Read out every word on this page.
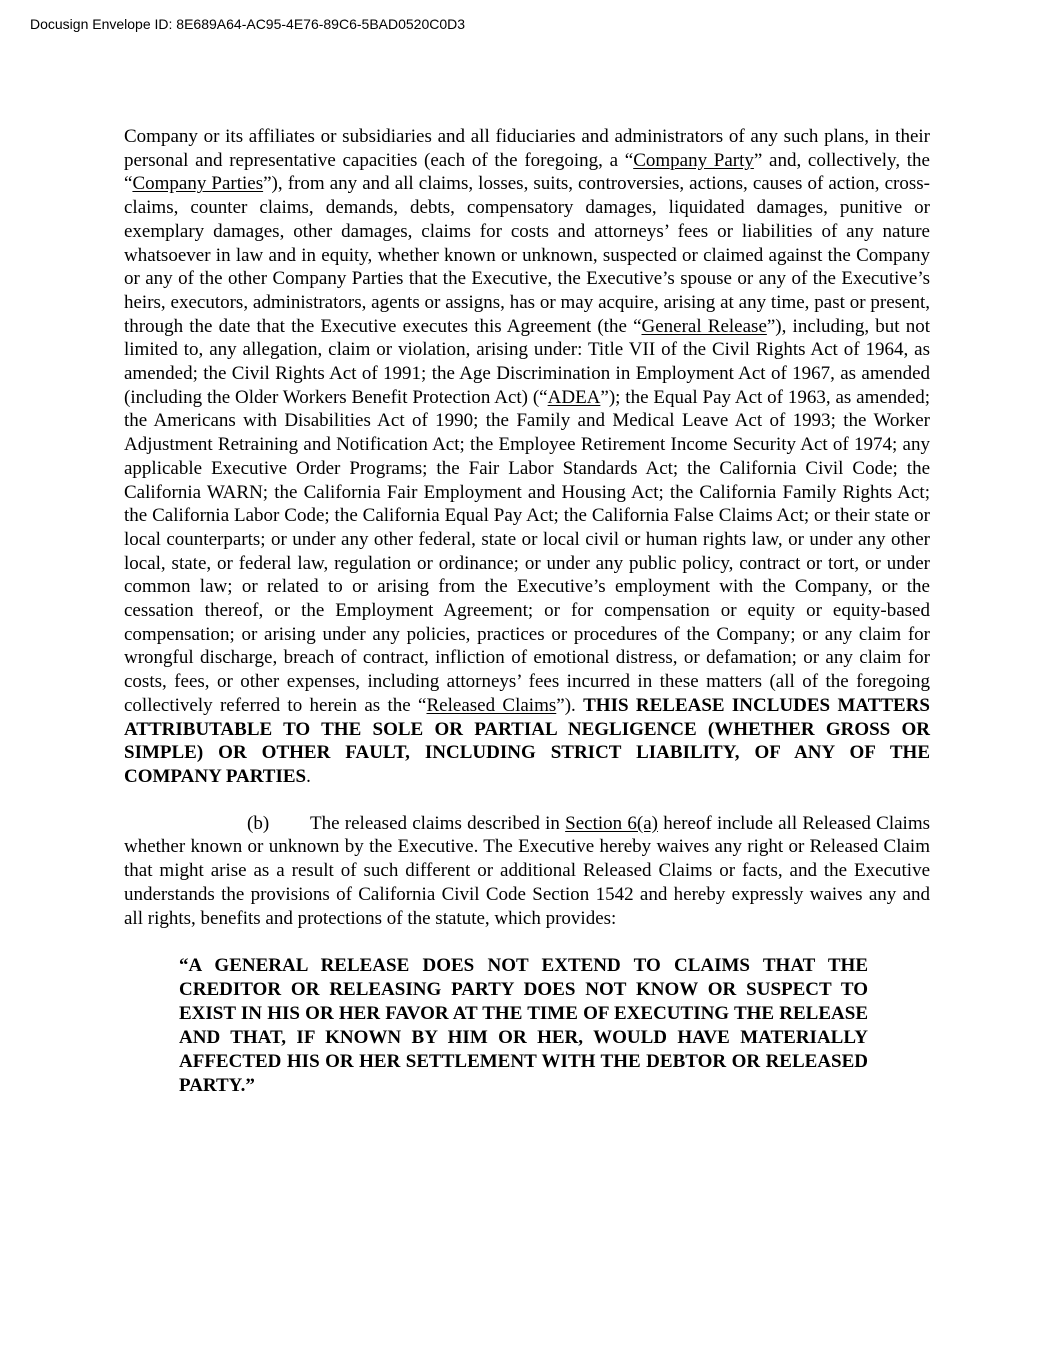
Docusign Envelope ID: 8E689A64-AC95-4E76-89C6-5BAD0520C0D3

Company or its affiliates or subsidiaries and all fiduciaries and administrators of any such plans, in their personal and representative capacities (each of the foregoing, a “Company Party” and, collectively, the “Company Parties”), from any and all claims, losses, suits, controversies, actions, causes of action, cross-claims, counter claims, demands, debts, compensatory damages, liquidated damages, punitive or exemplary damages, other damages, claims for costs and attorneys’ fees or liabilities of any nature whatsoever in law and in equity, whether known or unknown, suspected or claimed against the Company or any of the other Company Parties that the Executive, the Executive’s spouse or any of the Executive’s heirs, executors, administrators, agents or assigns, has or may acquire, arising at any time, past or present, through the date that the Executive executes this Agreement (the “General Release”), including, but not limited to, any allegation, claim or violation, arising under: Title VII of the Civil Rights Act of 1964, as amended; the Civil Rights Act of 1991; the Age Discrimination in Employment Act of 1967, as amended (including the Older Workers Benefit Protection Act) (“ADEA”); the Equal Pay Act of 1963, as amended; the Americans with Disabilities Act of 1990; the Family and Medical Leave Act of 1993; the Worker Adjustment Retraining and Notification Act; the Employee Retirement Income Security Act of 1974; any applicable Executive Order Programs; the Fair Labor Standards Act; the California Civil Code; the California WARN; the California Fair Employment and Housing Act; the California Family Rights Act; the California Labor Code; the California Equal Pay Act; the California False Claims Act; or their state or local counterparts; or under any other federal, state or local civil or human rights law, or under any other local, state, or federal law, regulation or ordinance; or under any public policy, contract or tort, or under common law; or related to or arising from the Executive’s employment with the Company, or the cessation thereof, or the Employment Agreement; or for compensation or equity or equity-based compensation; or arising under any policies, practices or procedures of the Company; or any claim for wrongful discharge, breach of contract, infliction of emotional distress, or defamation; or any claim for costs, fees, or other expenses, including attorneys’ fees incurred in these matters (all of the foregoing collectively referred to herein as the “Released Claims”). THIS RELEASE INCLUDES MATTERS ATTRIBUTABLE TO THE SOLE OR PARTIAL NEGLIGENCE (WHETHER GROSS OR SIMPLE) OR OTHER FAULT, INCLUDING STRICT LIABILITY, OF ANY OF THE COMPANY PARTIES.

(b) The released claims described in Section 6(a) hereof include all Released Claims whether known or unknown by the Executive. The Executive hereby waives any right or Released Claim that might arise as a result of such different or additional Released Claims or facts, and the Executive understands the provisions of California Civil Code Section 1542 and hereby expressly waives any and all rights, benefits and protections of the statute, which provides:

“A GENERAL RELEASE DOES NOT EXTEND TO CLAIMS THAT THE CREDITOR OR RELEASING PARTY DOES NOT KNOW OR SUSPECT TO EXIST IN HIS OR HER FAVOR AT THE TIME OF EXECUTING THE RELEASE AND THAT, IF KNOWN BY HIM OR HER, WOULD HAVE MATERIALLY AFFECTED HIS OR HER SETTLEMENT WITH THE DEBTOR OR RELEASED PARTY.”
